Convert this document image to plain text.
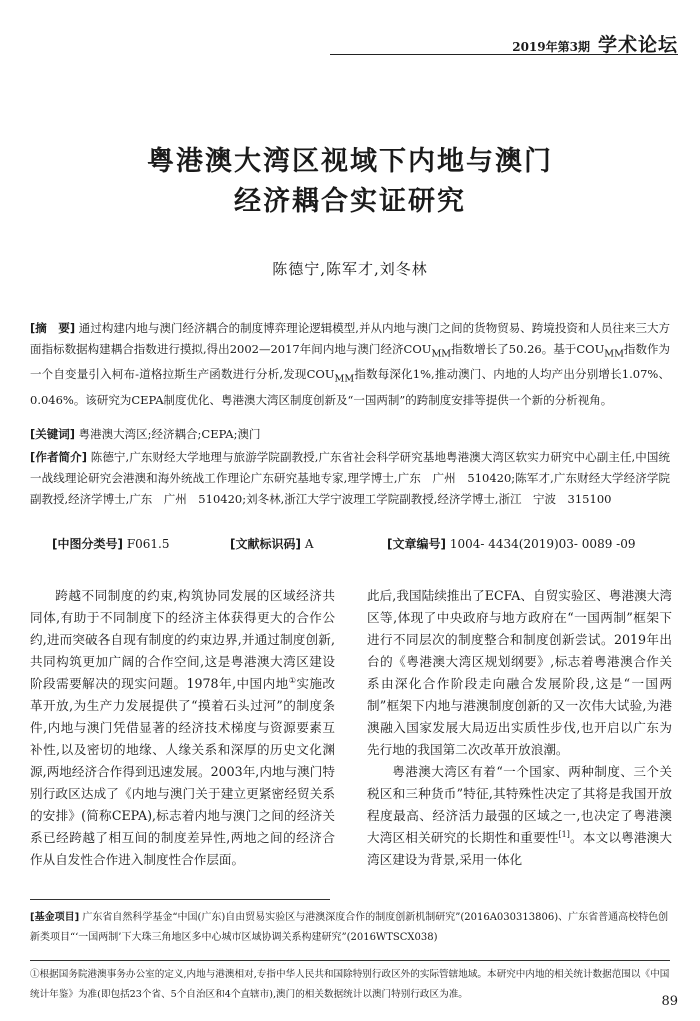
2019年第3期 学术论坛
粤港澳大湾区视域下内地与澳门
经济耦合实证研究
陈德宁,陈军才,刘冬林
[摘　要] 通过构建内地与澳门经济耦合的制度博弈理论逻辑模型,并从内地与澳门之间的货物贸易、跨境投资和人员往来三大方面指标数据构建耦合指数进行摸拟,得出2002—2017年间内地与澳门经济$COU_{MM}$指数增长了50.26。基于$COU_{MM}$指数作为一个自变量引入柯布-道格拉斯生产函数进行分析,发现$COU_{MM}$指数每深化1%,推动澳门、内地的人均产出分别增长1.07%、0.046%。该研究为CEPA制度优化、粤港澳大湾区制度创新及“一国两制”的跨制度安排等提供一个新的分析视角。
[关键词] 粤港澳大湾区;经济耦合;CEPA;澳门
[作者简介] 陈德宁,广东财经大学地理与旅游学院副教授,广东省社会科学研究基地粤港澳大湾区软实力研究中心副主任,中国统一战线理论研究会港澳和海外统战工作理论广东研究基地专家,理学博士,广东　广州　510420;陈军才,广东财经大学经济学院副教授,经济学博士,广东　广州　510420;刘冬林,浙江大学宁波理工学院副教授,经济学博士,浙江　宁波　315100
[中图分类号] F061.5	[文献标识码] A	[文章编号] 1004- 4434(2019)03- 0089 -09

跨越不同制度的约束,构筑协同发展的区域经济共同体,有助于不同制度下的经济主体获得更大的合作公约,进而突破各自现有制度的约束边界,并通过制度创新,共同构筑更加广阔的合作空间,这是粤港澳大湾区建设阶段需要解决的现实问题。1978年,中国内地①实施改革开放,为生产力发展提供了“摸着石头过河”的制度条件,内地与澳门凭借显著的经济技术梯度与资源要素互补性,以及密切的地缘、人缘关系和深厚的历史文化渊源,两地经济合作得到迅速发展。2003年,内地与澳门特别行政区达成了《内地与澳门关于建立更紧密经贸关系的安排》(简称CEPA),标志着内地与澳门之间的经济关系已经跨越了相互间的制度差异性,两地之间的经济合作从自发性合作进入制度性合作层面。

此后,我国陆续推出了ECFA、自贸实验区、粤港澳大湾区等,体现了中央政府与地方政府在“一国两制”框架下进行不同层次的制度整合和制度创新尝试。2019年出台的《粤港澳大湾区规划纲要》,标志着粤港澳合作关系由深化合作阶段走向融合发展阶段,这是“一国两制”框架下内地与港澳制度创新的又一次伟大试验,为港澳融入国家发展大局迈出实质性步伐,也开启以广东为先行地的我国第二次改革开放浪潮。

粤港澳大湾区有着“一个国家、两种制度、三个关税区和三种货币”特征,其特殊性决定了其将是我国开放程度最高、经济活力最强的区域之一,也决定了粤港澳大湾区相关研究的长期性和重要性[1]。本文以粤港澳大湾区建设为背景,采用一体化

[基金项目] 广东省自然科学基金“中国(广东)自由贸易实验区与港澳深度合作的制度创新机制研究”(2016A030313806)、广东省普通高校特色创新类项目“‘一国两制’下大珠三角地区多中心城市区域协调关系构建研究”(2016WTSCX038)
①根据国务院港澳事务办公室的定义,内地与港澳相对,专指中华人民共和国除特别行政区外的实际管辖地域。本研究中内地的相关统计数据范围以《中国统计年鉴》为准(即包括23个省、5个自治区和4个直辖市),澳门的相关数据统计以澳门特别行政区为准。	89
